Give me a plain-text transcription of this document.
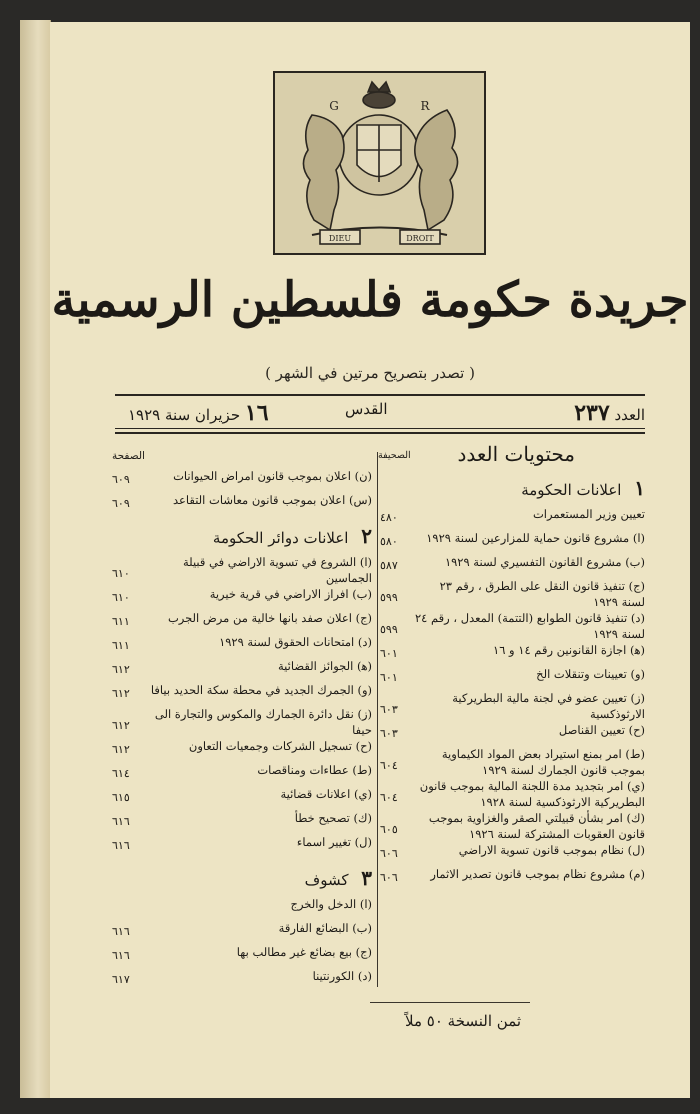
DIEU	DROIT
G	R
جريدة حكومة فلسطين الرسمية
( تصدر بتصريح مرتين في الشهر )
العدد ٢٣٧
القدس
١٦ حزيران سنة ١٩٢٩
محتويات العدد
الصحيفة
١ اعلانات الحكومة
تعيين وزير المستعمرات
٤٨٠
(ا) مشروع قانون حماية للمزارعين لسنة ١٩٢٩
٥٨٠
(ب) مشروع القانون التفسيري لسنة ١٩٢٩
٥٨٧
(ج) تنفيذ قانون النقل على الطرق ، رقم ٢٣ لسنة ١٩٢٩
٥٩٩
(د) تنفيذ قانون الطوابع (التتمة) المعدل ، رقم ٢٤ لسنة ١٩٢٩
٥٩٩
(ﻫ) اجازة القانونين رقم ١٤ و ١٦
٦٠١
(و) تعيينات وتنقلات الخ
٦٠١
(ز) تعيين عضو في لجنة مالية البطريركية الارثوذكسية
٦٠٣
(ح) تعيين القناصل
٦٠٣
(ط) امر بمنع استيراد بعض المواد الكيماوية بموجب قانون الجمارك لسنة ١٩٢٩
٦٠٤
(ي) امر بتجديد مدة اللجنة المالية بموجب قانون البطريركية الارثوذكسية لسنة ١٩٢٨
٦٠٤
(ك) امر بشأن قبيلتي الصقر والغزاوية بموجب قانون العقوبات المشتركة لسنة ١٩٢٦
٦٠٥
(ل) نظام بموجب قانون تسوية الاراضي
٦٠٦
(م) مشروع نظام بموجب قانون تصدير الاثمار
٦٠٦
الصفحة
(ن) اعلان بموجب قانون امراض الحيوانات
٦٠٩
(س) اعلان بموجب قانون معاشات التقاعد
٦٠٩
٢ اعلانات دوائر الحكومة
(ا) الشروع في تسوية الاراضي في قبيلة الجماسين
٦١٠
(ب) افراز الاراضي في قرية خيرية
٦١٠
(ج) اعلان صفد بانها خالية من مرض الجرب
٦١١
(د) امتحانات الحقوق لسنة ١٩٢٩
٦١١
(ﻫ) الجوائز القضائية
٦١٢
(و) الجمرك الجديد في محطة سكة الحديد بيافا
٦١٢
(ز) نقل دائرة الجمارك والمكوس والتجارة الى حيفا
٦١٢
(ح) تسجيل الشركات وجمعيات التعاون
٦١٢
(ط) عطاءات ومناقصات
٦١٤
(ي) اعلانات قضائية
٦١٥
(ك) تصحيح خطأ
٦١٦
(ل) تغيير اسماء
٦١٦
٣ كشوف
(ا) الدخل والخرج
(ب) البضائع الفارقة
٦١٦
(ج) بيع بضائع غير مطالب بها
٦١٦
(د) الكورنتينا
٦١٧
ثمن النسخة ٥٠ ملاً
